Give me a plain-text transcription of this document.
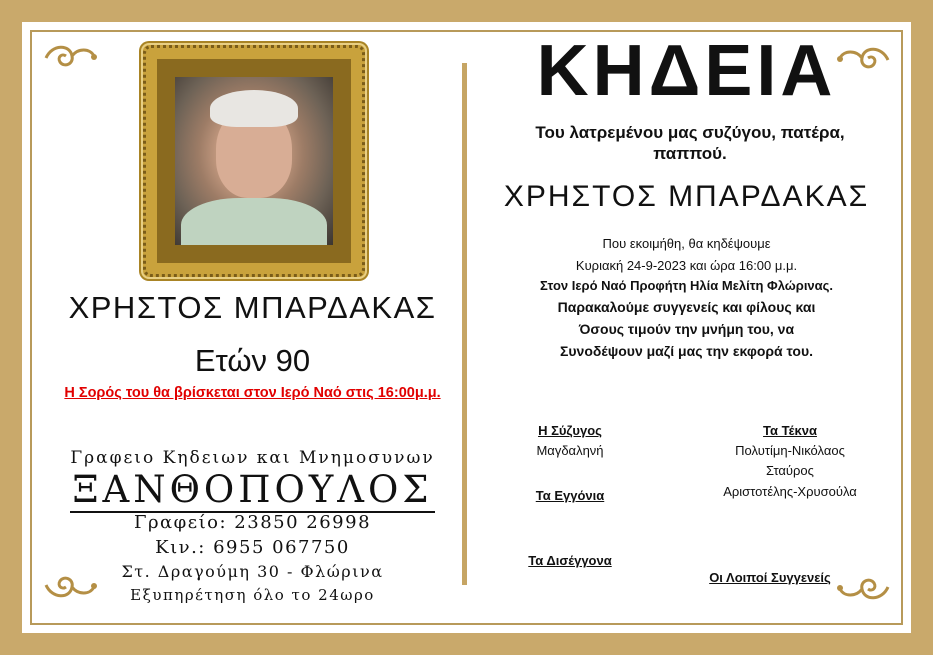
ΧΡΗΣΤΟΣ ΜΠΑΡΔΑΚΑΣ
Ετών 90
Η Σορός του θα βρίσκεται στον Ιερό Ναό στις 16:00μ.μ.
Γραφειο Κηδειων και Μνημοσυνων
ΞΑΝΘΟΠΟΥΛΟΣ
Γραφείο: 23850 26998
Κιν.: 6955 067750
Στ. Δραγούμη 30 - Φλώρινα
Εξυπηρέτηση όλο το 24ωρο
ΚΗΔΕΙΑ
Του λατρεμένου μας συζύγου, πατέρα, παππού.
ΧΡΗΣΤΟΣ ΜΠΑΡΔΑΚΑΣ
Που εκοιμήθη, θα κηδέψουμε
Κυριακή 24-9-2023 και ώρα 16:00 μ.μ.
Στον Ιερό Ναό Προφήτη Ηλία Μελίτη Φλώρινας.
Παρακαλούμε συγγενείς και φίλους και
Όσους τιμούν την μνήμη του, να
Συνοδέψουν μαζί μας την εκφορά του.
Η Σύζυγος
Μαγδαληνή
Τα Εγγόνια
Τα Δισέγγονα
Τα Τέκνα
Πολυτίμη-Νικόλαος
Σταύρος
Αριστοτέλης-Χρυσούλα
Οι Λοιποί Συγγενείς
